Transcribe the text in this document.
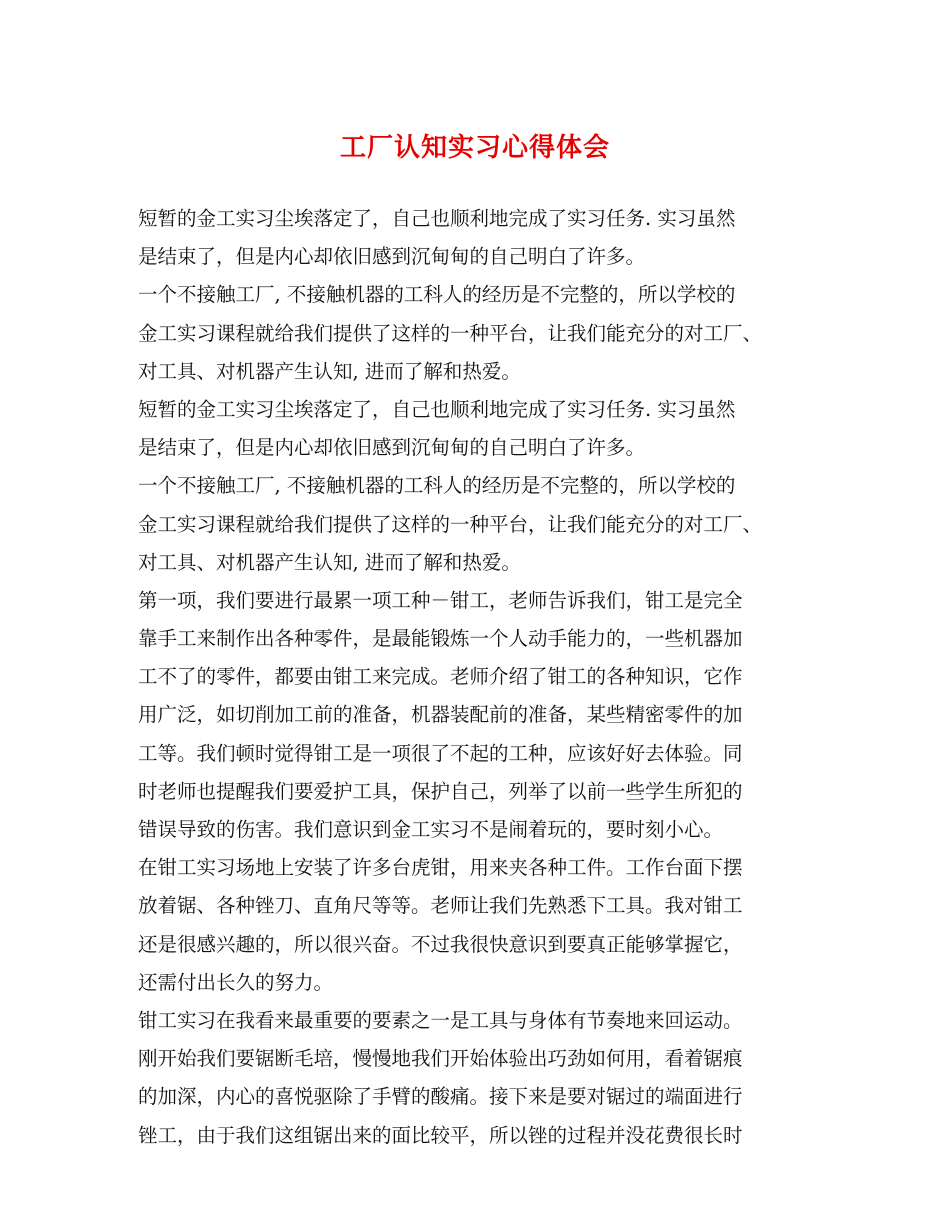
工厂认知实习心得体会
短暂的金工实习尘埃落定了，自己也顺利地完成了实习任务. 实习虽然
是结束了，但是内心却依旧感到沉甸甸的自己明白了许多。
一个不接触工厂, 不接触机器的工科人的经历是不完整的，所以学校的
金工实习课程就给我们提供了这样的一种平台，让我们能充分的对工厂、
对工具、对机器产生认知, 进而了解和热爱。
短暂的金工实习尘埃落定了，自己也顺利地完成了实习任务. 实习虽然
是结束了，但是内心却依旧感到沉甸甸的自己明白了许多。
一个不接触工厂, 不接触机器的工科人的经历是不完整的，所以学校的
金工实习课程就给我们提供了这样的一种平台，让我们能充分的对工厂、
对工具、对机器产生认知, 进而了解和热爱。
第一项，我们要进行最累一项工种－钳工，老师告诉我们，钳工是完全
靠手工来制作出各种零件，是最能锻炼一个人动手能力的，一些机器加
工不了的零件，都要由钳工来完成。老师介绍了钳工的各种知识，它作
用广泛，如切削加工前的准备，机器装配前的准备，某些精密零件的加
工等。我们顿时觉得钳工是一项很了不起的工种，应该好好去体验。同
时老师也提醒我们要爱护工具，保护自己，列举了以前一些学生所犯的
错误导致的伤害。我们意识到金工实习不是闹着玩的，要时刻小心。
在钳工实习场地上安装了许多台虎钳，用来夹各种工件。工作台面下摆
放着锯、各种锉刀、直角尺等等。老师让我们先熟悉下工具。我对钳工
还是很感兴趣的，所以很兴奋。不过我很快意识到要真正能够掌握它，
还需付出长久的努力。
钳工实习在我看来最重要的要素之一是工具与身体有节奏地来回运动。
刚开始我们要锯断毛培，慢慢地我们开始体验出巧劲如何用，看着锯痕
的加深，内心的喜悦驱除了手臂的酸痛。接下来是要对锯过的端面进行
锉工，由于我们这组锯出来的面比较平，所以锉的过程并没花费很长时
